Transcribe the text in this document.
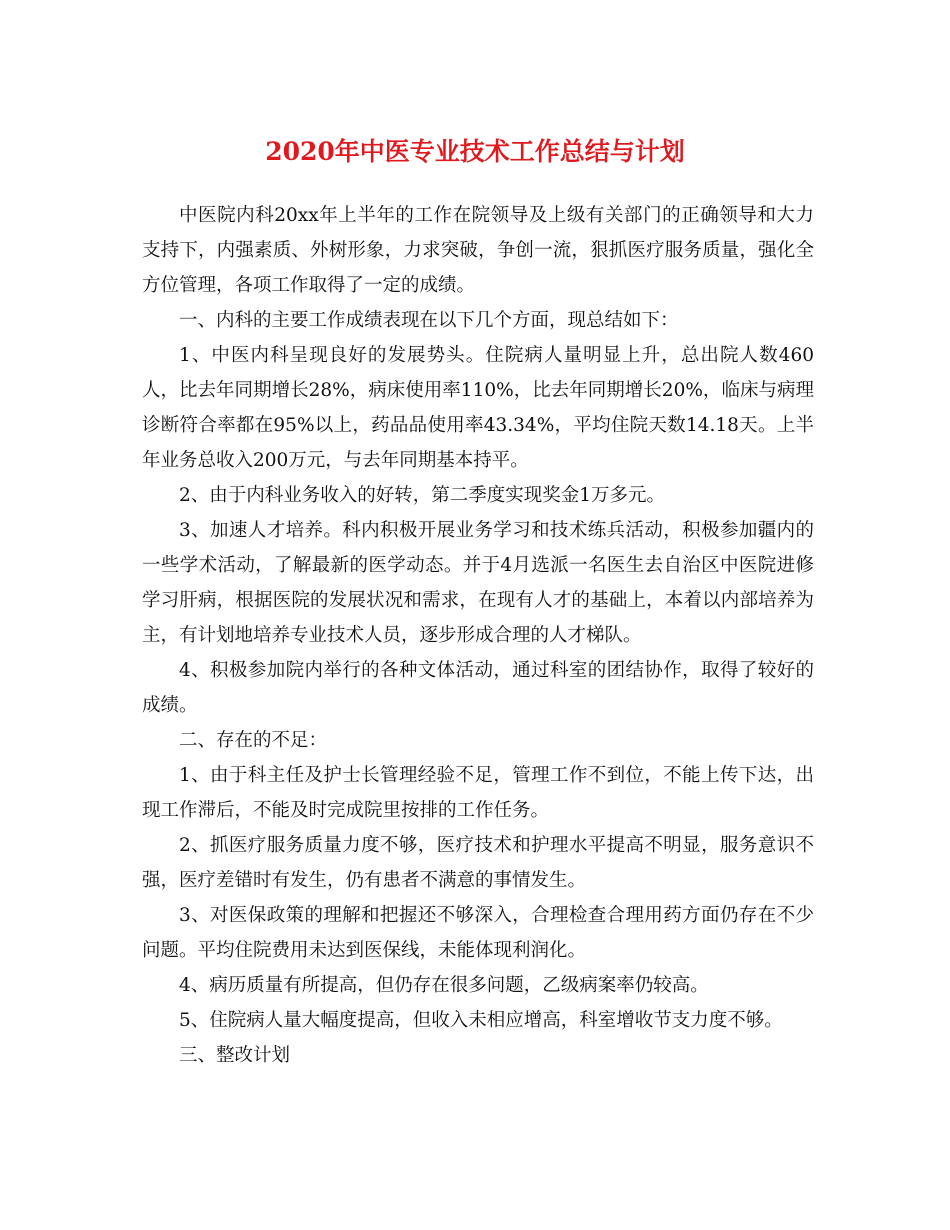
2020年中医专业技术工作总结与计划

中医院内科20xx年上半年的工作在院领导及上级有关部门的正确领导和大力支持下，内强素质、外树形象，力求突破，争创一流，狠抓医疗服务质量，强化全方位管理，各项工作取得了一定的成绩。

一、内科的主要工作成绩表现在以下几个方面，现总结如下：

1、中医内科呈现良好的发展势头。住院病人量明显上升，总出院人数460人，比去年同期增长28%，病床使用率110%，比去年同期增长20%，临床与病理诊断符合率都在95%以上，药品品使用率43.34%，平均住院天数14.18天。上半年业务总收入200万元，与去年同期基本持平。

2、由于内科业务收入的好转，第二季度实现奖金1万多元。

3、加速人才培养。科内积极开展业务学习和技术练兵活动，积极参加疆内的一些学术活动，了解最新的医学动态。并于4月选派一名医生去自治区中医院进修学习肝病，根据医院的发展状况和需求，在现有人才的基础上，本着以内部培养为主，有计划地培养专业技术人员，逐步形成合理的人才梯队。

4、积极参加院内举行的各种文体活动，通过科室的团结协作，取得了较好的成绩。

二、存在的不足：

1、由于科主任及护士长管理经验不足，管理工作不到位，不能上传下达，出现工作滞后，不能及时完成院里按排的工作任务。

2、抓医疗服务质量力度不够，医疗技术和护理水平提高不明显，服务意识不强，医疗差错时有发生，仍有患者不满意的事情发生。

3、对医保政策的理解和把握还不够深入，合理检查合理用药方面仍存在不少问题。平均住院费用未达到医保线，未能体现利润化。

4、病历质量有所提高，但仍存在很多问题，乙级病案率仍较高。

5、住院病人量大幅度提高，但收入未相应增高，科室增收节支力度不够。

三、整改计划
